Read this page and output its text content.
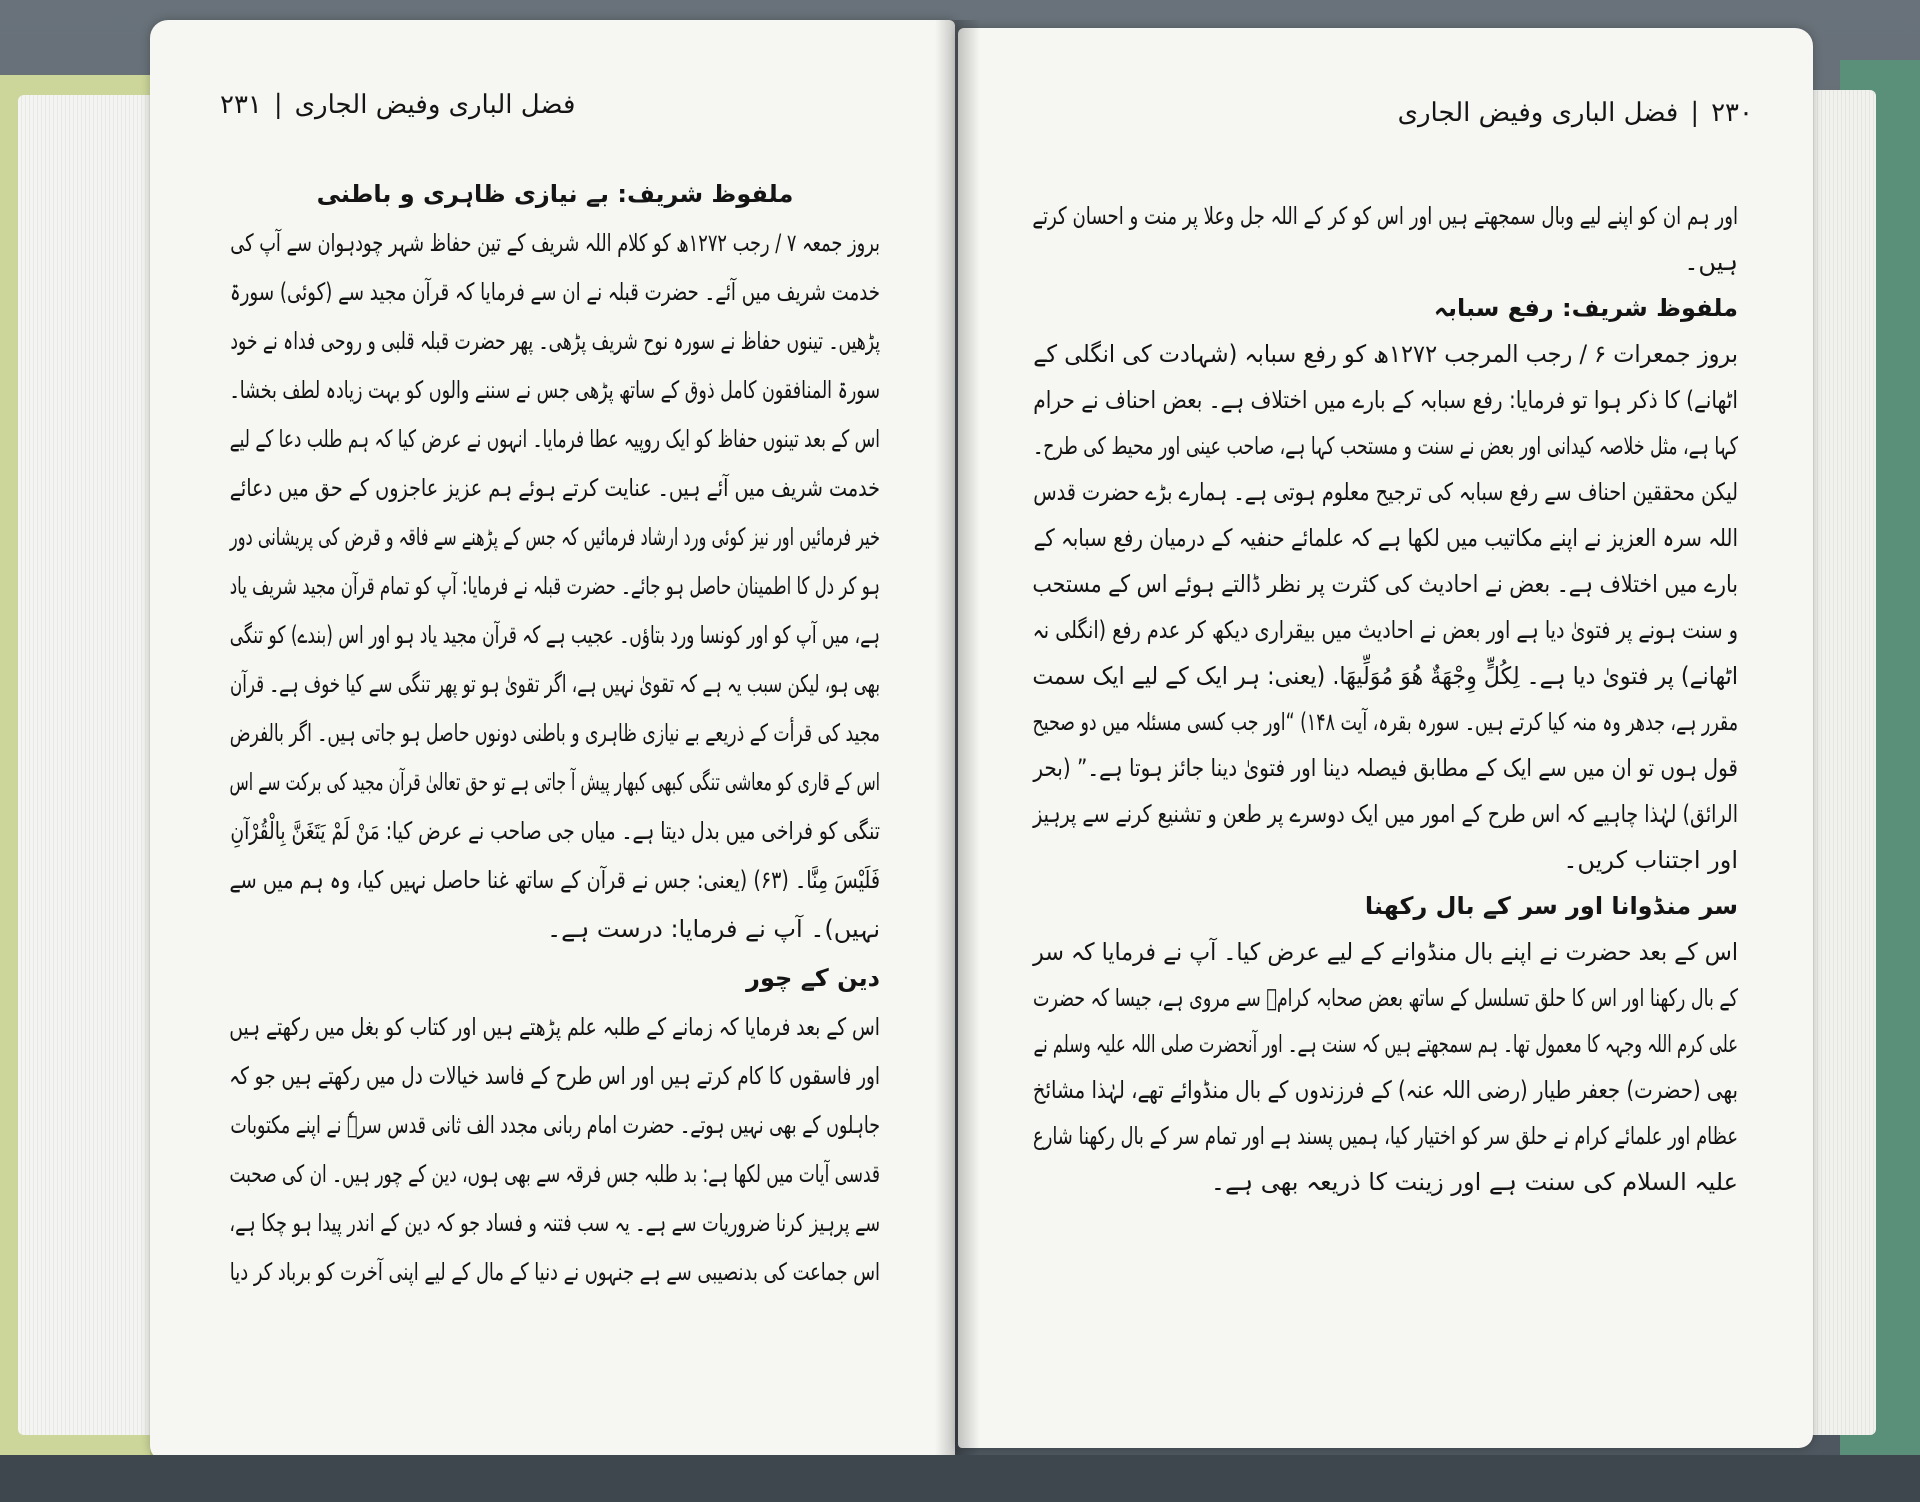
فضل الباری وفیض الجاری|۲۳۱
ملفوظ شریف: بے نیازی ظاہری و باطنی

بروز جمعہ ۷ / رجب ۱۲۷۲ھ کو کلام اللہ شریف کے تین حفاظ شہر چودہوان سے آپ کی

خدمت شریف میں آئے۔ حضرت قبلہ نے ان سے فرمایا کہ قرآن مجید سے (کوئی) سورۃ

پڑھیں۔ تینوں حفاظ نے سورہ نوح شریف پڑھی۔ پھر حضرت قبلہ قلبی و روحی فداہ نے خود

سورۃ المنافقون کامل ذوق کے ساتھ پڑھی جس نے سننے والوں کو بہت زیادہ لطف بخشا۔

اس کے بعد تینوں حفاظ کو ایک روپیہ عطا فرمایا۔ انہوں نے عرض کیا کہ ہم طلب دعا کے لیے

خدمت شریف میں آئے ہیں۔ عنایت کرتے ہوئے ہم عزیز عاجزوں کے حق میں دعائے

خیر فرمائیں اور نیز کوئی ورد ارشاد فرمائیں کہ جس کے پڑھنے سے فاقہ و قرض کی پریشانی دور

ہو کر دل کا اطمینان حاصل ہو جائے۔ حضرت قبلہ نے فرمایا: آپ کو تمام قرآن مجید شریف یاد

ہے، میں آپ کو اور کونسا ورد بتاؤں۔ عجیب ہے کہ قرآن مجید یاد ہو اور اس (بندے) کو تنگی

بھی ہو، لیکن سبب یہ ہے کہ تقویٰ نہیں ہے، اگر تقویٰ ہو تو پھر تنگی سے کیا خوف ہے۔ قرآن

مجید کی قرأت کے ذریعے بے نیازی ظاہری و باطنی دونوں حاصل ہو جاتی ہیں۔ اگر بالفرض

اس کے قاری کو معاشی تنگی کبھی کبھار پیش آ جاتی ہے تو حق تعالیٰ قرآن مجید کی برکت سے اس

تنگی کو فراخی میں بدل دیتا ہے۔ میاں جی صاحب نے عرض کیا: مَنْ لَمْ يَتَغَنَّ بِالْقُرْآنِ

فَلَيْسَ مِنَّا۔ (۶۳) (یعنی: جس نے قرآن کے ساتھ غنا حاصل نہیں کیا، وہ ہم میں سے

نہیں)۔ آپ نے فرمایا: درست ہے۔

دین کے چور

اس کے بعد فرمایا کہ زمانے کے طلبہ علم پڑھتے ہیں اور کتاب کو بغل میں رکھتے ہیں

اور فاسقوں کا کام کرتے ہیں اور اس طرح کے فاسد خیالات دل میں رکھتے ہیں جو کہ

جاہلوں کے بھی نہیں ہوتے۔ حضرت امام ربانی مجدد الف ثانی قدس سرہٗ نے اپنے مکتوبات

قدسی آیات میں لکھا ہے: بد طلبہ جس فرقہ سے بھی ہوں، دین کے چور ہیں۔ ان کی صحبت

سے پرہیز کرنا ضروریات سے ہے۔ یہ سب فتنہ و فساد جو کہ دین کے اندر پیدا ہو چکا ہے،

اس جماعت کی بدنصیبی سے ہے جنہوں نے دنیا کے مال کے لیے اپنی آخرت کو برباد کر دیا

۲۳۰|فضل الباری وفیض الجاری

اور ہم ان کو اپنے لیے وبال سمجھتے ہیں اور اس کو کر کے اللہ جل وعلا پر منت و احسان کرتے

ہیں۔

ملفوظ شریف: رفع سبابہ

بروز جمعرات ۶ / رجب المرجب ۱۲۷۲ھ کو رفع سبابہ (شہادت کی انگلی کے

اٹھانے) کا ذکر ہوا تو فرمایا: رفع سبابہ کے بارے میں اختلاف ہے۔ بعض احناف نے حرام

کہا ہے، مثل خلاصہ کیدانی اور بعض نے سنت و مستحب کہا ہے، صاحب عینی اور محیط کی طرح۔

لیکن محققین احناف سے رفع سبابہ کی ترجیح معلوم ہوتی ہے۔ ہمارے بڑے حضرت قدس

اللہ سرہ العزیز نے اپنے مکاتیب میں لکھا ہے کہ علمائے حنفیہ کے درمیان رفع سبابہ کے

بارے میں اختلاف ہے۔ بعض نے احادیث کی کثرت پر نظر ڈالتے ہوئے اس کے مستحب

و سنت ہونے پر فتویٰ دیا ہے اور بعض نے احادیث میں بیقراری دیکھ کر عدم رفع (انگلی نہ

اٹھانے) پر فتویٰ دیا ہے۔ لِكُلٍّ وِجْهَةٌ هُوَ مُوَلِّيهَا. (یعنی: ہر ایک کے لیے ایک سمت

مقرر ہے، جدھر وہ منہ کیا کرتے ہیں۔ سورہ بقرہ، آیت ۱۴۸) “اور جب کسی مسئلہ میں دو صحیح

قول ہوں تو ان میں سے ایک کے مطابق فیصلہ دینا اور فتویٰ دینا جائز ہوتا ہے۔” (بحر

الرائق) لہٰذا چاہیے کہ اس طرح کے امور میں ایک دوسرے پر طعن و تشنیع کرنے سے پرہیز

اور اجتناب کریں۔

سر منڈوانا اور سر کے بال رکھنا

اس کے بعد حضرت نے اپنے بال منڈوانے کے لیے عرض کیا۔ آپ نے فرمایا کہ سر

کے بال رکھنا اور اس کا حلق تسلسل کے ساتھ بعض صحابہ کرامؓ سے مروی ہے، جیسا کہ حضرت

علی کرم اللہ وجہہ کا معمول تھا۔ ہم سمجھتے ہیں کہ سنت ہے۔ اور آنحضرت صلی اللہ علیہ وسلم نے

بھی (حضرت) جعفر طیار (رضی اللہ عنہ) کے فرزندوں کے بال منڈوائے تھے، لہٰذا مشائخ

عظام اور علمائے کرام نے حلق سر کو اختیار کیا، ہمیں پسند ہے اور تمام سر کے بال رکھنا شارع

علیہ السلام کی سنت ہے اور زینت کا ذریعہ بھی ہے۔
